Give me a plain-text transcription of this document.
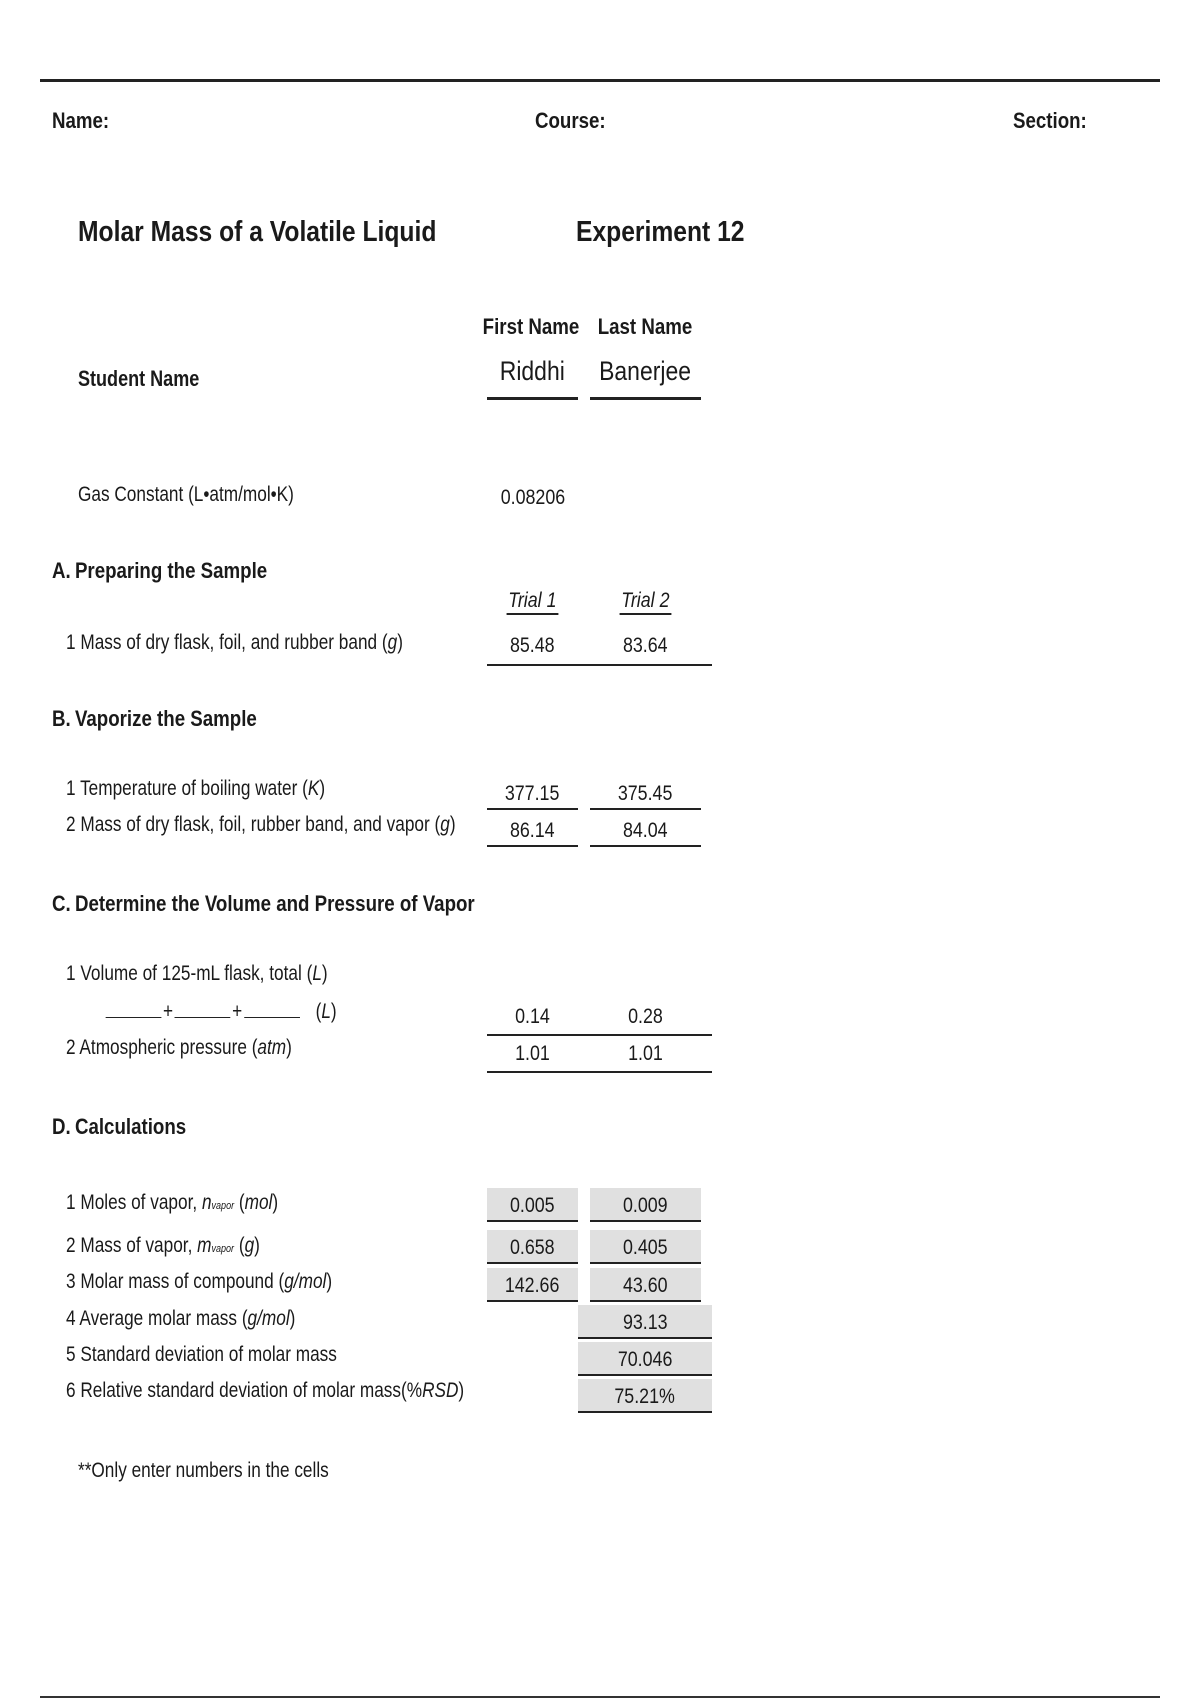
Name:	Course:	Section:
Molar Mass of a Volatile Liquid	Experiment 12
First Name Last Name
Student Name	Riddhi	Banerjee
Gas Constant (L•atm/mol•K)	0.08206
A. Preparing the Sample
Trial 1	Trial 2
1 Mass of dry flask, foil, and rubber band (g)	85.48	83.64
B. Vaporize the Sample
1 Temperature of boiling water (K)	377.15	375.45
2 Mass of dry flask, foil, rubber band, and vapor (g)	86.14	84.04
C. Determine the Volume and Pressure of Vapor
1 Volume of 125-mL flask, total (L)
+	+	(L)	0.14	0.28
2 Atmospheric pressure (atm)	1.01	1.01
D. Calculations
1 Moles of vapor, nvapor (mol)	0.005	0.009
2 Mass of vapor, mvapor (g)	0.658	0.405
3 Molar mass of compound (g/mol)	142.66	43.60
4 Average molar mass (g/mol)	93.13
5 Standard deviation of molar mass	70.046
6 Relative standard deviation of molar mass(%RSD)	75.21%
**Only enter numbers in the cells
